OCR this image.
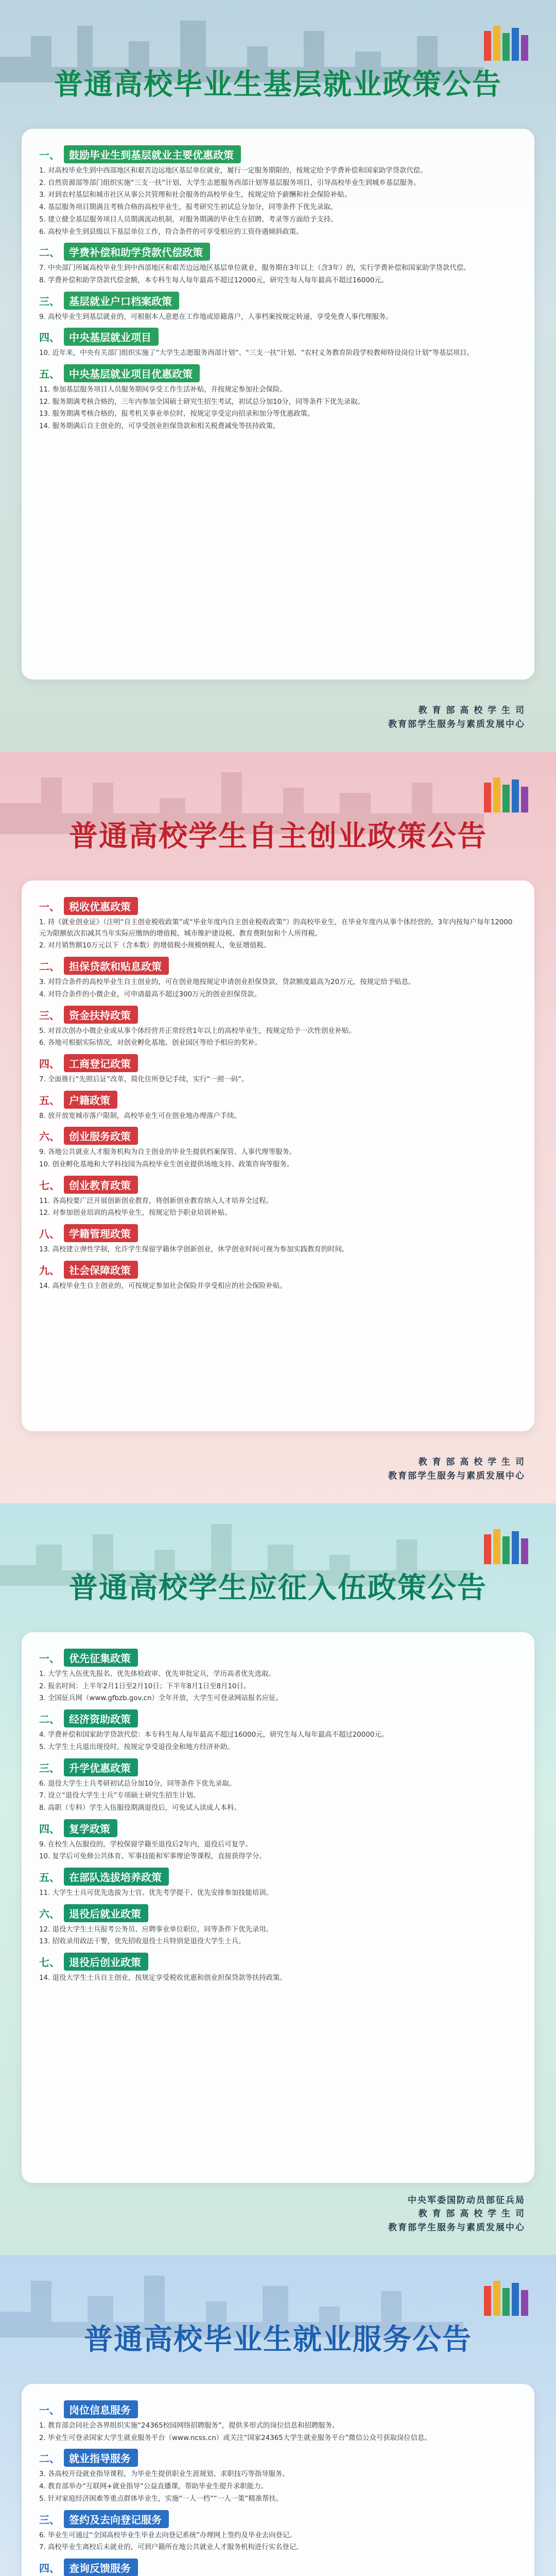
普通高校毕业生基层就业政策公告
一、 鼓励毕业生到基层就业主要优惠政策
1. 对高校毕业生到中西部地区和艰苦边远地区基层单位就业，履行一定服务期限的，按规定给予学费补偿和国家助学贷款代偿。
2. 自然资源部等部门组织实施“三支一扶”计划、大学生志愿服务西部计划等基层服务项目，引导高校毕业生到城乡基层服务。
3. 对到农村基层和城市社区从事公共管理和社会服务的高校毕业生，按规定给予薪酬和社会保险补贴。
4. 基层服务项目期满且考核合格的高校毕业生，报考研究生初试总分加分，同等条件下优先录取。
5. 建立健全基层服务项目人员期满流动机制，对服务期满的毕业生在招聘、考录等方面给予支持。
6. 高校毕业生到县级以下基层单位工作，符合条件的可享受相应的工资待遇倾斜政策。
二、 学费补偿和助学贷款代偿政策
7. 中央部门所属高校毕业生到中西部地区和艰苦边远地区基层单位就业，服务期在3年以上（含3年）的，实行学费补偿和国家助学贷款代偿。
8. 学费补偿和助学贷款代偿金额，本专科生每人每年最高不超过12000元，研究生每人每年最高不超过16000元。
三、 基层就业户口档案政策
9. 高校毕业生到基层就业的，可根据本人意愿在工作地或原籍落户，人事档案按规定转递，享受免费人事代理服务。
四、 中央基层就业项目
10. 近年来，中央有关部门组织实施了“大学生志愿服务西部计划”、“三支一扶”计划、“农村义务教育阶段学校教师特设岗位计划”等基层项目。
五、 中央基层就业项目优惠政策
11. 参加基层服务项目人员服务期间享受工作生活补贴，并按规定参加社会保险。
12. 服务期满考核合格的，三年内参加全国硕士研究生招生考试，初试总分加10分，同等条件下优先录取。
13. 服务期满考核合格的，报考机关事业单位时，按规定享受定向招录和加分等优惠政策。
14. 服务期满后自主创业的，可享受创业担保贷款和相关税费减免等扶持政策。
教 育 部 高 校 学 生 司
教育部学生服务与素质发展中心
普通高校学生自主创业政策公告
一、 税收优惠政策
1. 持《就业创业证》（注明“自主创业税收政策”或“毕业年度内自主创业税收政策”）的高校毕业生，在毕业年度内从事个体经营的，3年内按每户每年12000元为限额依次扣减其当年实际应缴纳的增值税、城市维护建设税、教育费附加和个人所得税。
2. 对月销售额10万元以下（含本数）的增值税小规模纳税人，免征增值税。
二、 担保贷款和贴息政策
3. 对符合条件的高校毕业生自主创业的，可在创业地按规定申请创业担保贷款，贷款额度最高为20万元，按规定给予贴息。
4. 对符合条件的小微企业，可申请最高不超过300万元的创业担保贷款。
三、 资金扶持政策
5. 对首次创办小微企业或从事个体经营并正常经营1年以上的高校毕业生，按规定给予一次性创业补贴。
6. 各地可根据实际情况，对创业孵化基地、创业园区等给予相应的奖补。
四、 工商登记政策
7. 全面推行“先照后证”改革，简化住所登记手续，实行“一照一码”。
五、 户籍政策
8. 放开放宽城市落户限制，高校毕业生可在创业地办理落户手续。
六、 创业服务政策
9. 各地公共就业人才服务机构为自主创业的毕业生提供档案保管、人事代理等服务。
10. 创业孵化基地和大学科技园为高校毕业生创业提供场地支持、政策咨询等服务。
七、 创业教育政策
11. 各高校要广泛开展创新创业教育，将创新创业教育纳入人才培养全过程。
12. 对参加创业培训的高校毕业生，按规定给予职业培训补贴。
八、 学籍管理政策
13. 高校建立弹性学制，允许学生保留学籍休学创新创业，休学创业时间可视为参加实践教育的时间。
九、 社会保障政策
14. 高校毕业生自主创业的，可按规定参加社会保险并享受相应的社会保险补贴。
教 育 部 高 校 学 生 司
教育部学生服务与素质发展中心
普通高校学生应征入伍政策公告
一、 优先征集政策
1. 大学生入伍优先报名、优先体检政审、优先审批定兵，学历高者优先选取。
2. 报名时间：上半年2月1日至2月10日；下半年8月1日至8月10日。
3. 全国征兵网（www.gfbzb.gov.cn）全年开放，大学生可登录网站报名应征。
二、 经济资助政策
4. 学费补偿和国家助学贷款代偿：本专科生每人每年最高不超过16000元，研究生每人每年最高不超过20000元。
5. 大学生士兵退出现役时，按规定享受退役金和地方经济补助。
三、 升学优惠政策
6. 退役大学生士兵考研初试总分加10分，同等条件下优先录取。
7. 设立“退役大学生士兵”专项硕士研究生招生计划。
8. 高职（专科）学生入伍服役期满退役后，可免试入读成人本科。
四、 复学政策
9. 在校生入伍服役的，学校保留学籍至退役后2年内，退役后可复学。
10. 复学后可免修公共体育、军事技能和军事理论等课程，直接获得学分。
五、 在部队选拔培养政策
11. 大学生士兵可优先选拔为士官、优先考学提干、优先安排参加技能培训。
六、 退役后就业政策
12. 退役大学生士兵报考公务员、应聘事业单位职位，同等条件下优先录用。
13. 招收录用政法干警，优先招收退役士兵特别是退役大学生士兵。
七、 退役后创业政策
14. 退役大学生士兵自主创业，按规定享受税收优惠和创业担保贷款等扶持政策。
中央军委国防动员部征兵局
教 育 部 高 校 学 生 司
教育部学生服务与素质发展中心
普通高校毕业生就业服务公告
一、 岗位信息服务
1. 教育部会同社会各界组织实施“24365校园网络招聘服务”，提供多形式的岗位信息和招聘服务。
2. 毕业生可登录国家大学生就业服务平台（www.ncss.cn）或关注“国家24365大学生就业服务平台”微信公众号获取岗位信息。
二、 就业指导服务
3. 各高校开设就业指导课程，为毕业生提供职业生涯规划、求职技巧等指导服务。
4. 教育部举办“互联网+就业指导”公益直播课，帮助毕业生提升求职能力。
5. 针对家庭经济困难等重点群体毕业生，实施“一人一档”“一人一策”精准帮扶。
三、 签约及去向登记服务
6. 毕业生可通过“全国高校毕业生毕业去向登记系统”办理网上签约及毕业去向登记。
7. 高校毕业生离校后未就业的，可到户籍所在地公共就业人才服务机构进行实名登记。
四、 查询反馈服务
